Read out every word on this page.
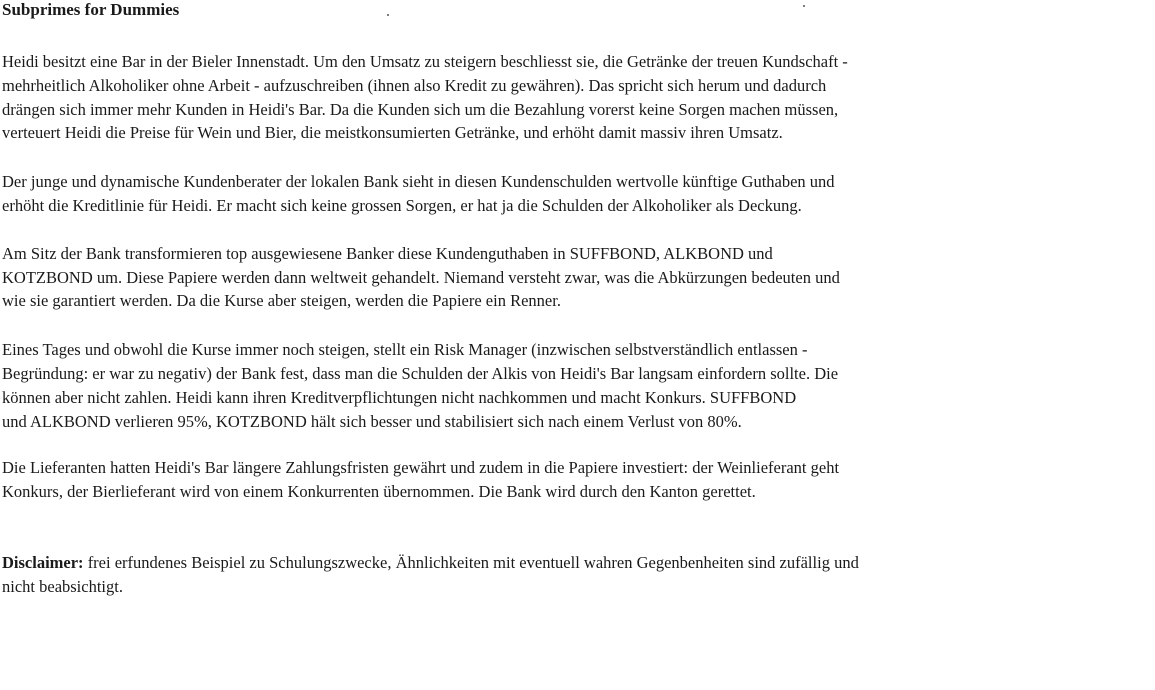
Subprimes for Dummies

Heidi besitzt eine Bar in der Bieler Innenstadt. Um den Umsatz zu steigern beschliesst sie, die Getränke der treuen Kundschaft -
mehrheitlich Alkoholiker ohne Arbeit - aufzuschreiben (ihnen also Kredit zu gewähren). Das spricht sich herum und dadurch
drängen sich immer mehr Kunden in Heidi's Bar. Da die Kunden sich um die Bezahlung vorerst keine Sorgen machen müssen,
verteuert Heidi die Preise für Wein und Bier, die meistkonsumierten Getränke, und erhöht damit massiv ihren Umsatz.

Der junge und dynamische Kundenberater der lokalen Bank sieht in diesen Kundenschulden wertvolle künftige Guthaben und
erhöht die Kreditlinie für Heidi. Er macht sich keine grossen Sorgen, er hat ja die Schulden der Alkoholiker als Deckung.

Am Sitz der Bank transformieren top ausgewiesene Banker diese Kundenguthaben in SUFFBOND, ALKBOND und
KOTZBOND um. Diese Papiere werden dann weltweit gehandelt. Niemand versteht zwar, was die Abkürzungen bedeuten und
wie sie garantiert werden. Da die Kurse aber steigen, werden die Papiere ein Renner.

Eines Tages und obwohl die Kurse immer noch steigen, stellt ein Risk Manager (inzwischen selbstverständlich entlassen -
Begründung: er war zu negativ) der Bank fest, dass man die Schulden der Alkis von Heidi's Bar langsam einfordern sollte. Die
können aber nicht zahlen. Heidi kann ihren Kreditverpflichtungen nicht nachkommen und macht Konkurs. SUFFBOND
und ALKBOND verlieren 95%, KOTZBOND hält sich besser und stabilisiert sich nach einem Verlust von 80%.

Die Lieferanten hatten Heidi's Bar längere Zahlungsfristen gewährt und zudem in die Papiere investiert: der Weinlieferant geht
Konkurs, der Bierlieferant wird von einem Konkurrenten übernommen. Die Bank wird durch den Kanton gerettet.

Disclaimer: frei erfundenes Beispiel zu Schulungszwecke, Ähnlichkeiten mit eventuell wahren Gegenbenheiten sind zufällig und
nicht beabsichtigt.
